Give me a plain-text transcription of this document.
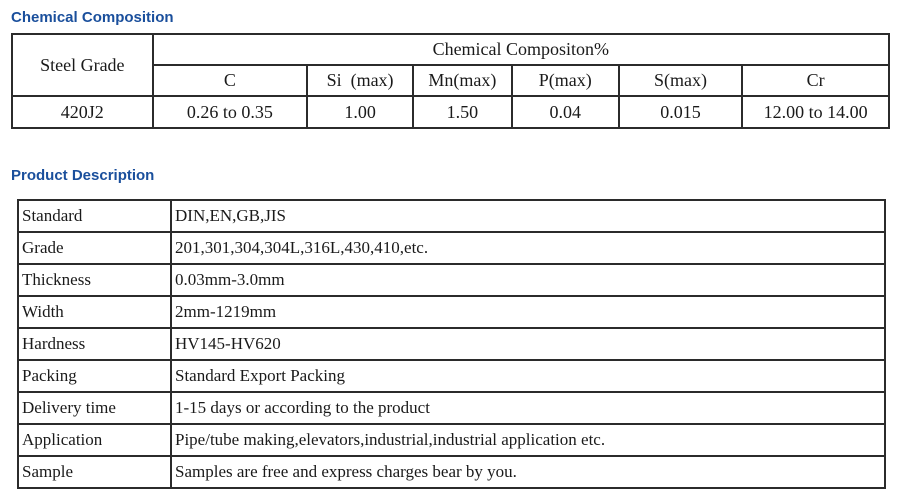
Chemical Composition
Steel Grade	Chemical Compositon%					
	C	Si  (max)	Mn(max)	P(max)	S(max)	Cr
420J2	0.26 to 0.35	1.00	1.50	0.04	0.015	12.00 to 14.00
Product Description
Standard	DIN,EN,GB,JIS
Grade	201,301,304,304L,316L,430,410,etc.
Thickness	0.03mm-3.0mm
Width	2mm-1219mm
Hardness	HV145-HV620
Packing	Standard Export Packing
Delivery time	1-15 days or according to the product
Application	Pipe/tube making,elevators,industrial,industrial application etc.
Sample	Samples are free and express charges bear by you.
